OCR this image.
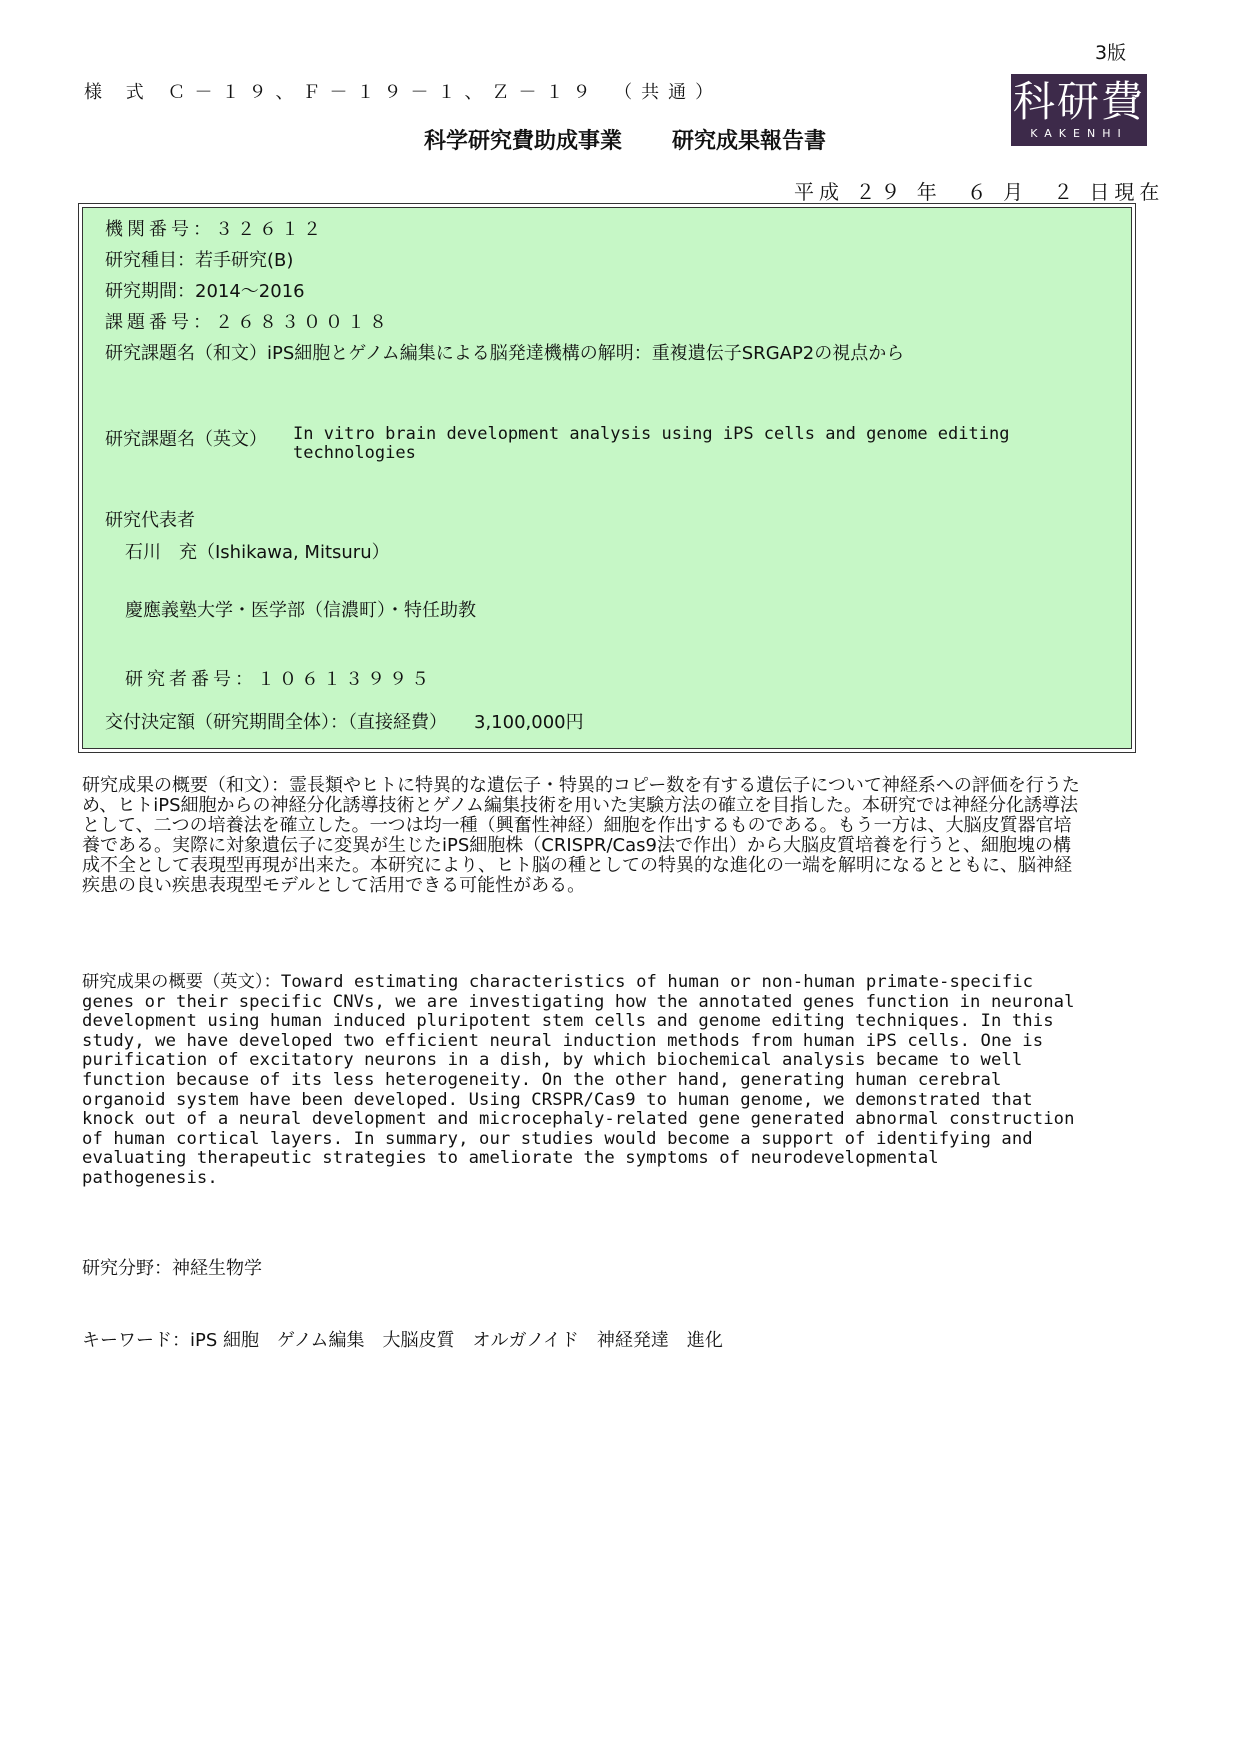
3版
様 式 Ｃ－１９、Ｆ－１９－１、Ｚ－１９ （共通）	科研費
KAKENHI
科学研究費助成事業 研究成果報告書
平成 ２９ 年　６ 月　２ 日現在
機関番号：３２６１２
研究種目：若手研究(B)
研究期間：2014～2016
課題番号：２６８３００１８
研究課題名（和文）iPS細胞とゲノム編集による脳発達機構の解明：重複遺伝子SRGAP2の視点から
研究課題名（英文） In vitro brain development analysis using iPS cells and genome editing technologies
研究代表者
石川　充（Ishikawa, Mitsuru）
慶應義塾大学・医学部（信濃町）・特任助教
研究者番号：１０６１３９９５
交付決定額（研究期間全体）：（直接経費）　　3,100,000円
研究成果の概要（和文）：霊長類やヒトに特異的な遺伝子・特異的コピー数を有する遺伝子について神経系への評価を行うため、ヒトiPS細胞からの神経分化誘導技術とゲノム編集技術を用いた実験方法の確立を目指した。本研究では神経分化誘導法として、二つの培養法を確立した。一つは均一種（興奮性神経）細胞を作出するものである。もう一方は、大脳皮質器官培養である。実際に対象遺伝子に変異が生じたiPS細胞株（CRISPR/Cas9法で作出）から大脳皮質培養を行うと、細胞塊の構成不全として表現型再現が出来た。本研究により、ヒト脳の種としての特異的な進化の一端を解明になるとともに、脳神経疾患の良い疾患表現型モデルとして活用できる可能性がある。
研究成果の概要（英文）：Toward estimating characteristics of human or non-human primate-specific genes or their specific CNVs, we are investigating how the annotated genes function in neuronal development using human induced pluripotent stem cells and genome editing techniques. In this study, we have developed two efficient neural induction methods from human iPS cells. One is purification of excitatory neurons in a dish, by which biochemical analysis became to well function because of its less heterogeneity. On the other hand, generating human cerebral organoid system have been developed. Using CRSPR/Cas9 to human genome, we demonstrated that knock out of a neural development and microcephaly-related gene generated abnormal construction of human cortical layers. In summary, our studies would become a support of identifying and evaluating therapeutic strategies to ameliorate the symptoms of neurodevelopmental pathogenesis.
研究分野：神経生物学
キーワード：iPS 細胞　ゲノム編集　大脳皮質　オルガノイド　神経発達　進化
